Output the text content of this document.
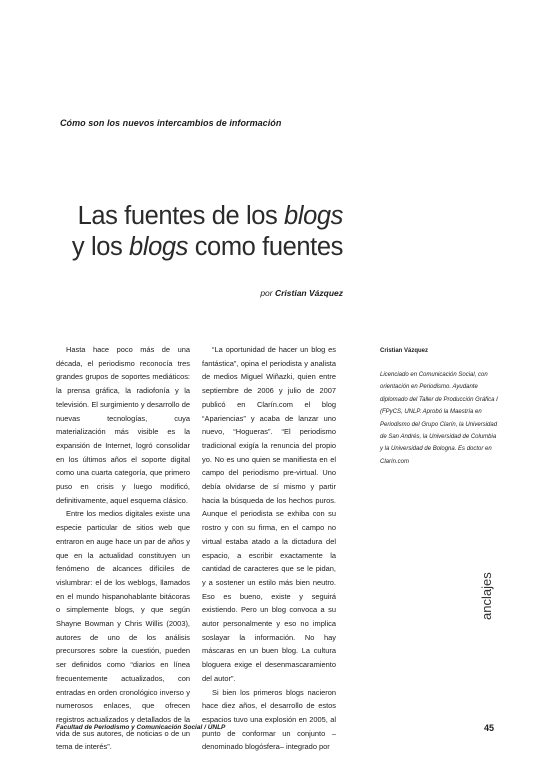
Cómo son los nuevos intercambios de información
Las fuentes de los blogs
y los blogs como fuentes
por Cristian Vázquez

Hasta hace poco más de una década, el periodismo reconocía tres grandes grupos de soportes mediáticos: la prensa gráfica, la radiofonía y la televisión. El surgimiento y desarrollo de nuevas tecnologías, cuya materialización más visible es la expansión de Internet, logró consolidar en los últimos años el soporte digital como una cuarta categoría, que primero puso en crisis y luego modificó, definitivamente, aquel esquema clásico.

Entre los medios digitales existe una especie particular de sitios web que entraron en auge hace un par de años y que en la actualidad constituyen un fenómeno de alcances difíciles de vislumbrar: el de los weblogs, llamados en el mundo hispanohablante bitácoras o simplemente blogs, y que según Shayne Bowman y Chris Willis (2003), autores de uno de los análisis precursores sobre la cuestión, pueden ser definidos como “diarios en línea frecuentemente actualizados, con entradas en orden cronológico inverso y numerosos enlaces, que ofrecen registros actualizados y detallados de la vida de sus autores, de noticias o de un tema de interés”.

“La oportunidad de hacer un blog es fantástica”, opina el periodista y analista de medios Miguel Wiñazki, quien entre septiembre de 2006 y julio de 2007 publicó en Clarín.com el blog “Apariencias” y acaba de lanzar uno nuevo, “Hogueras”. “El periodismo tradicional exigía la renuncia del propio yo. No es uno quien se manifiesta en el campo del periodismo pre-virtual. Uno debía olvidarse de sí mismo y partir hacia la búsqueda de los hechos puros. Aunque el periodista se exhiba con su rostro y con su firma, en el campo no virtual estaba atado a la dictadura del espacio, a escribir exactamente la cantidad de caracteres que se le pidan, y a sostener un estilo más bien neutro. Eso es bueno, existe y seguirá existiendo. Pero un blog convoca a su autor personalmente y eso no implica soslayar la información. No hay máscaras en un buen blog. La cultura bloguera exige el desenmascaramiento del autor”.

Si bien los primeros blogs nacieron hace diez años, el desarrollo de estos espacios tuvo una explosión en 2005, al punto de conformar un conjunto –denominado blogósfera– integrado por

Cristian Vázquez
Licenciado en Comunicación Social, con orientación en Periodismo. Ayudante diplomado del Taller de Producción Gráfica I (FPyCS, UNLP. Aprobó la Maestría en Periodismo del Grupo Clarín, la Universidad de San Andrés, la Universidad de Columbia y la Universidad de Bologna. Es doctor en Clarín.com
anclajes
Facultad de Periodismo y Comunicación Social / UNLP	45
